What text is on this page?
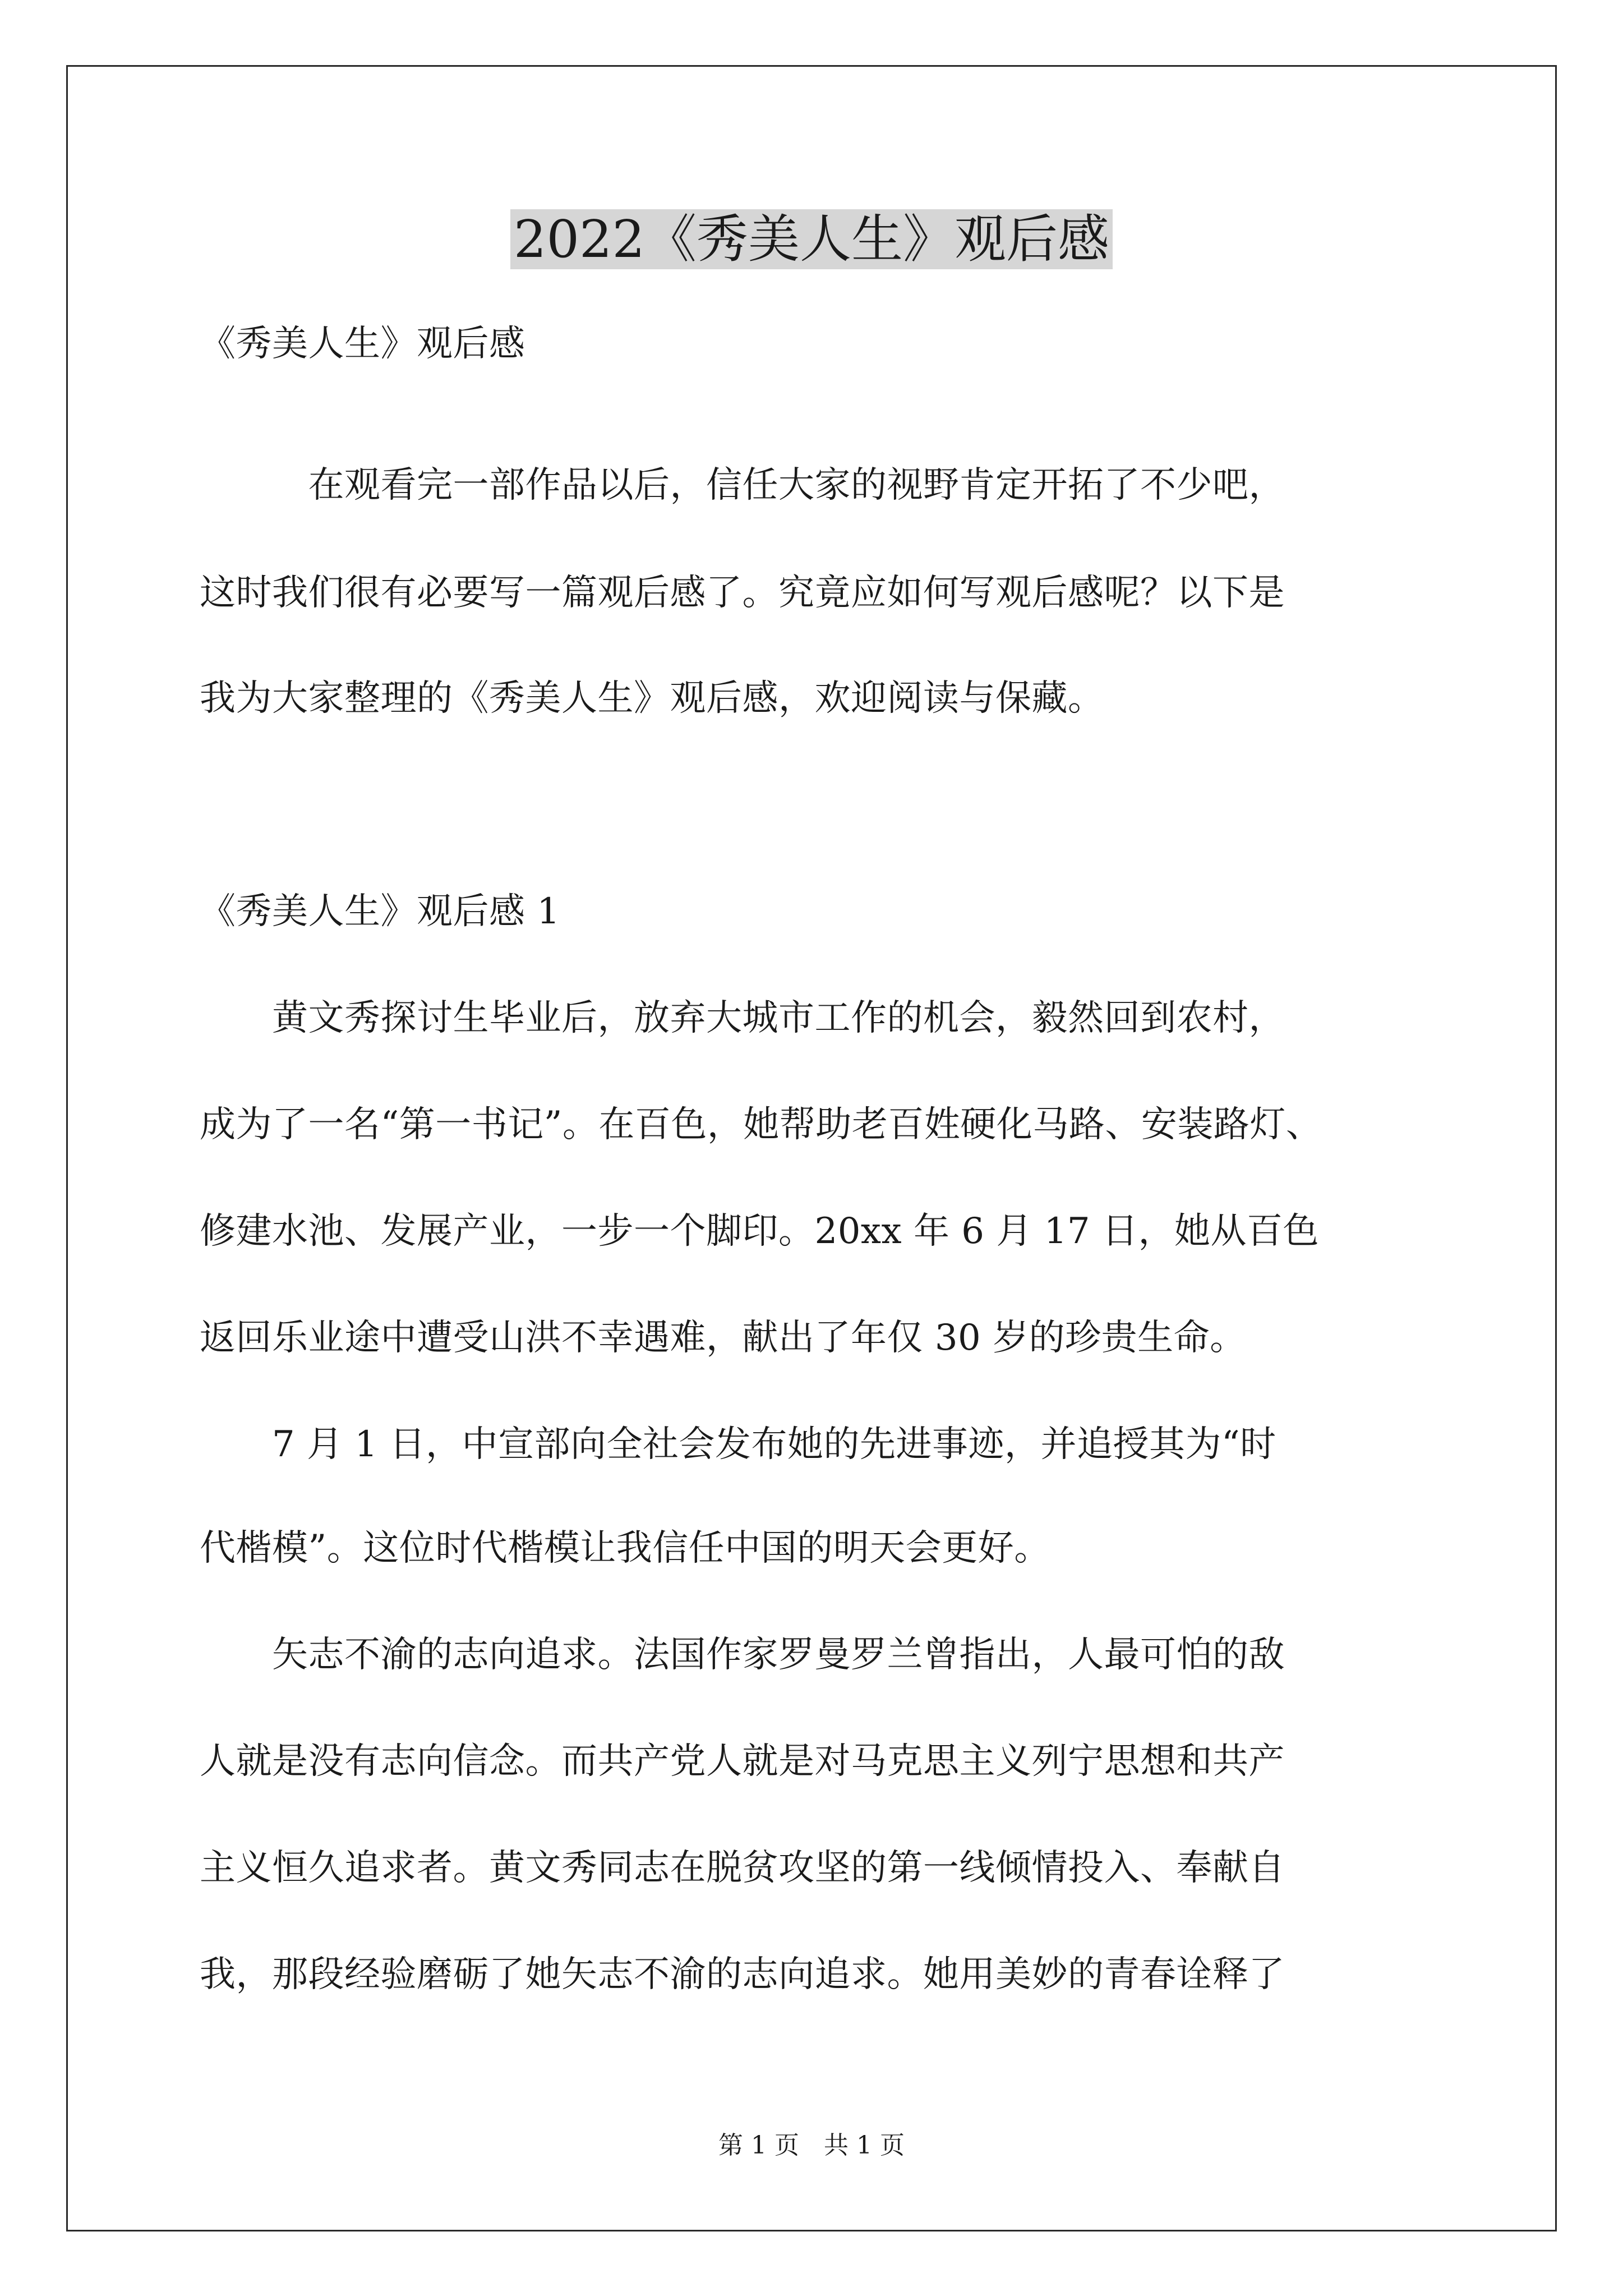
2022《秀美人生》观后感
《秀美人生》观后感
　　　在观看完一部作品以后，信任大家的视野肯定开拓了不少吧，
这时我们很有必要写一篇观后感了。究竟应如何写观后感呢？以下是
我为大家整理的《秀美人生》观后感，欢迎阅读与保藏。
《秀美人生》观后感 1
　　黄文秀探讨生毕业后，放弃大城市工作的机会，毅然回到农村，
成为了一名“第一书记”。在百色，她帮助老百姓硬化马路、安装路灯、
修建水池、发展产业，一步一个脚印。20xx 年 6 月 17 日，她从百色
返回乐业途中遭受山洪不幸遇难，献出了年仅 30 岁的珍贵生命。
　　7 月 1 日，中宣部向全社会发布她的先进事迹，并追授其为“时
代楷模”。这位时代楷模让我信任中国的明天会更好。
　　矢志不渝的志向追求。法国作家罗曼罗兰曾指出，人最可怕的敌
人就是没有志向信念。而共产党人就是对马克思主义列宁思想和共产
主义恒久追求者。黄文秀同志在脱贫攻坚的第一线倾情投入、奉献自
我，那段经验磨砺了她矢志不渝的志向追求。她用美妙的青春诠释了
第 1 页　共 1 页
